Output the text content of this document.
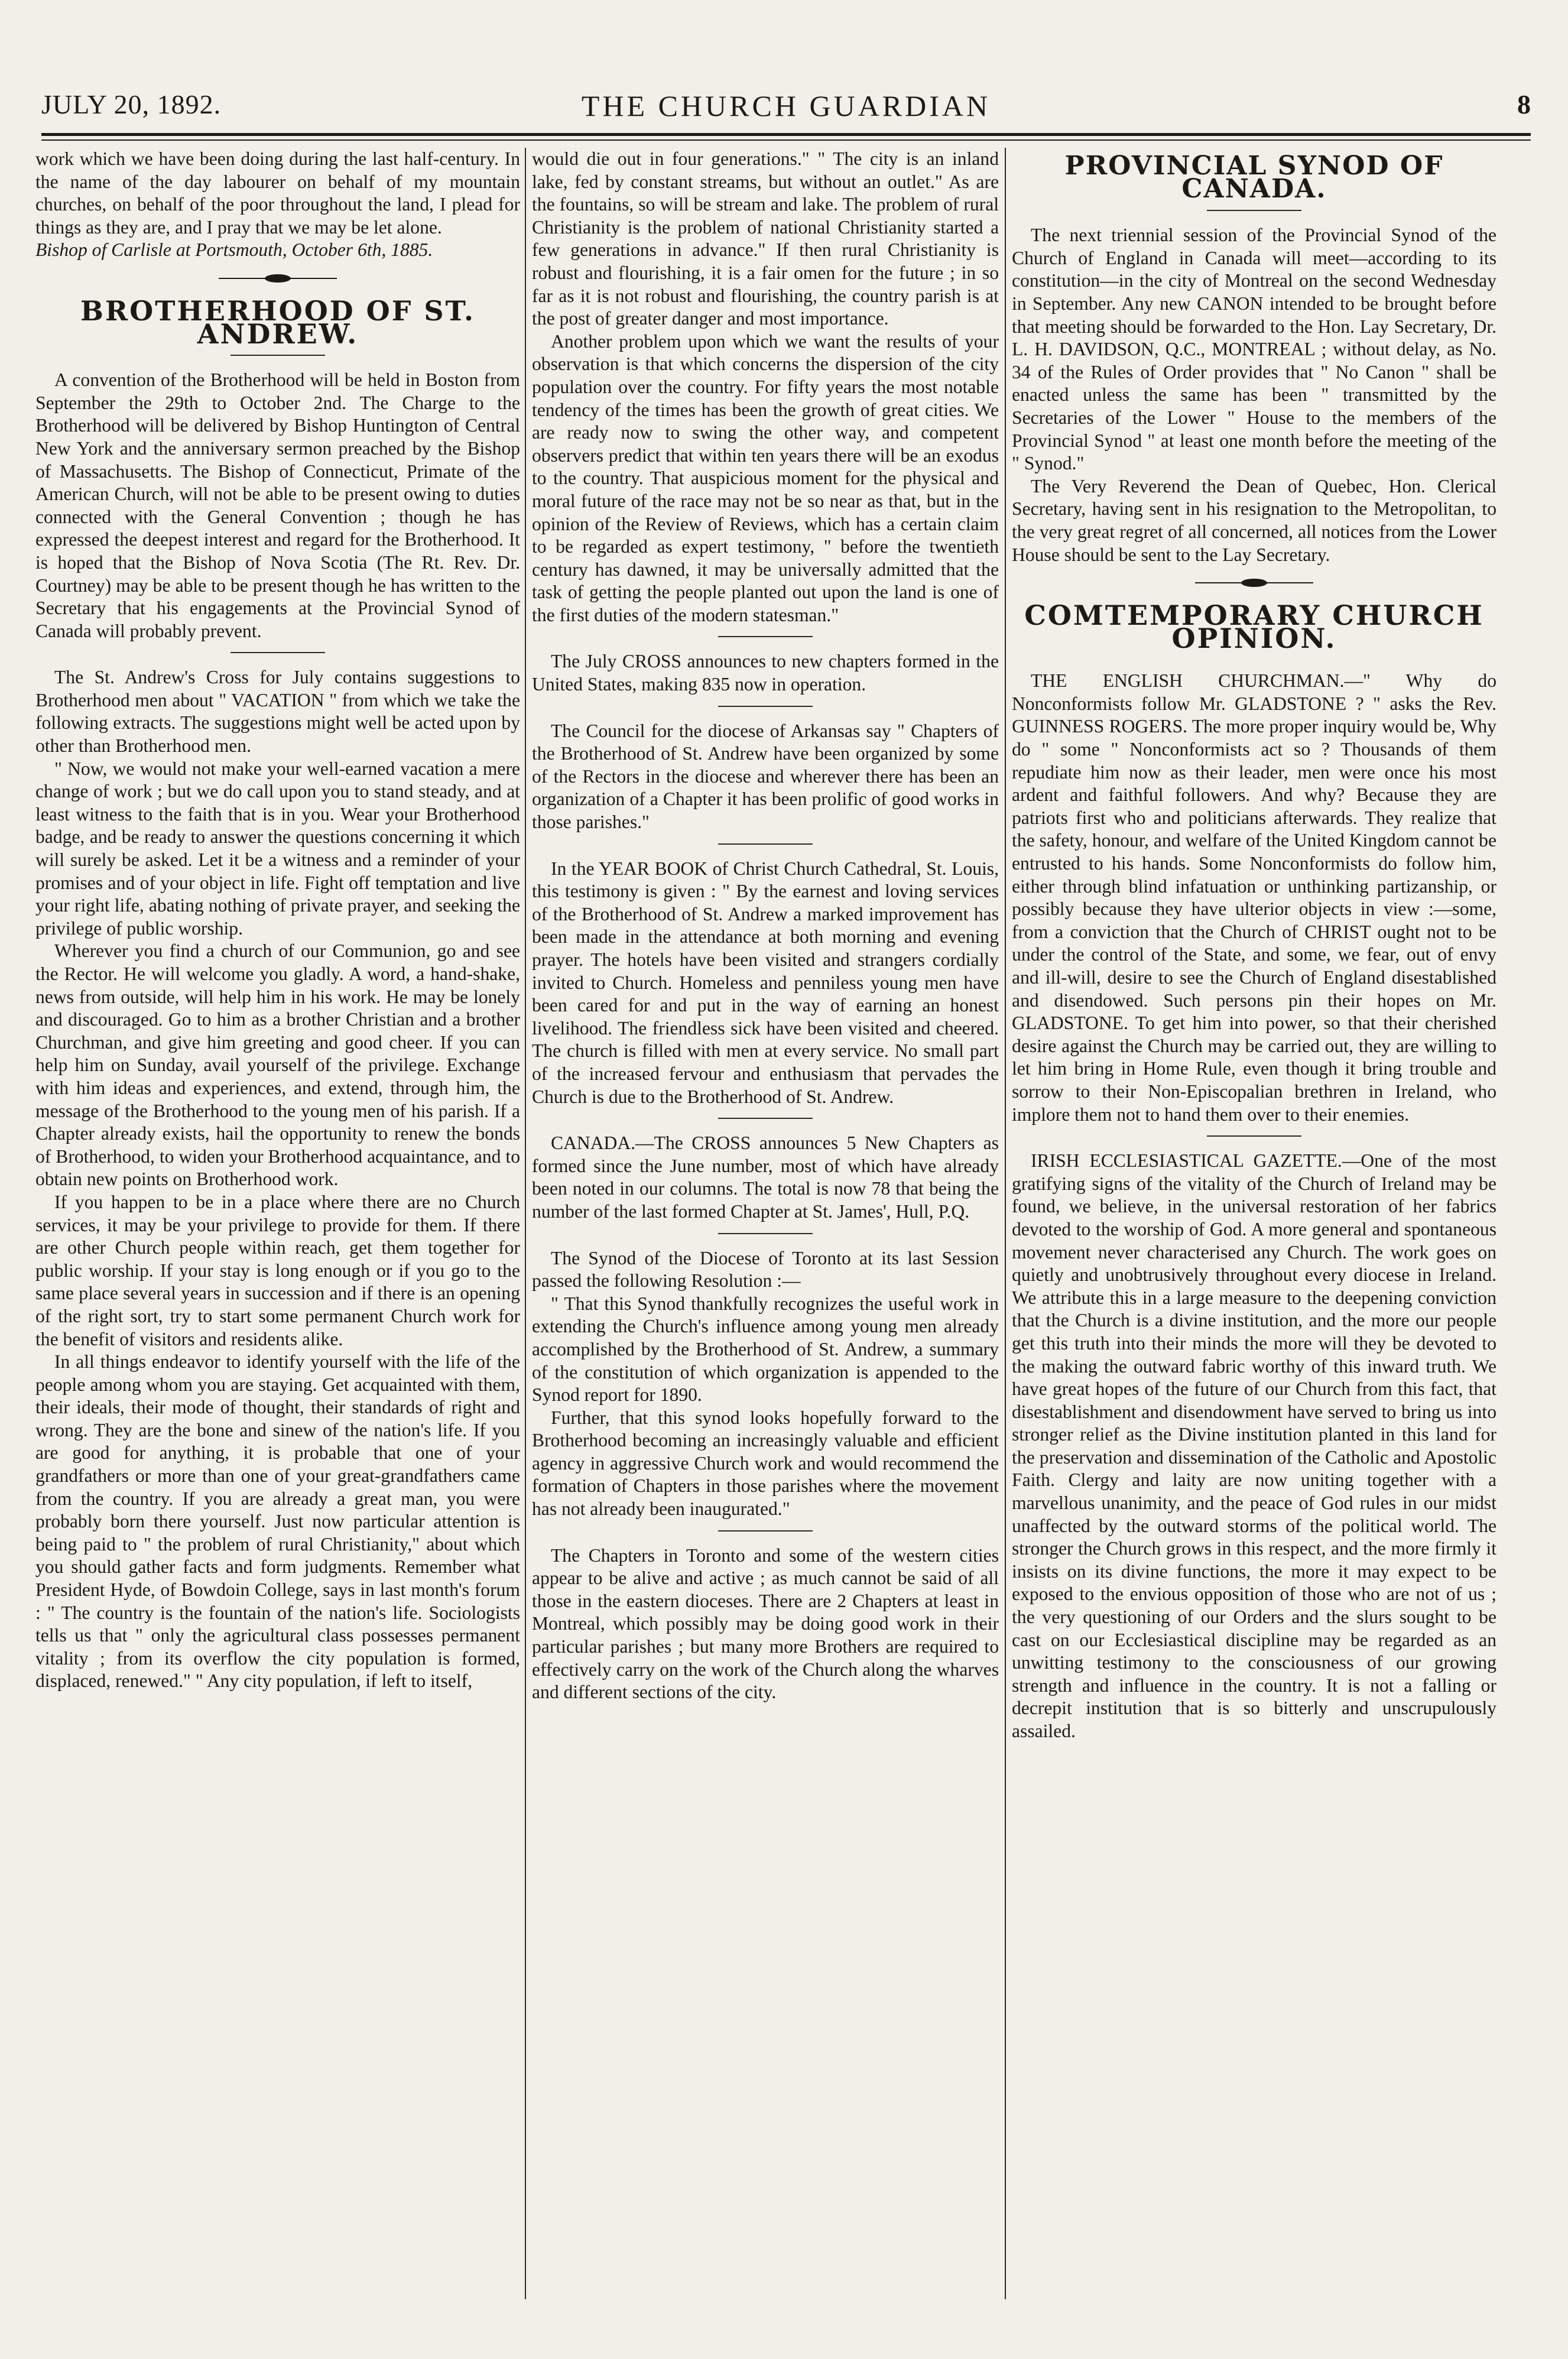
JULY 20, 1892.	THE CHURCH GUARDIAN	8

work which we have been doing during the last half-century. In the name of the day labourer on behalf of my mountain churches, on behalf of the poor throughout the land, I plead for things as they are, and I pray that we may be let alone.

Bishop of Carlisle at Portsmouth, October 6th, 1885.

BROTHERHOOD OF ST. ANDREW.

A convention of the Brotherhood will be held in Boston from September the 29th to October 2nd. The Charge to the Brotherhood will be delivered by Bishop Huntington of Central New York and the anniversary sermon preached by the Bishop of Massachusetts. The Bishop of Connecticut, Primate of the American Church, will not be able to be present owing to duties connected with the General Convention ; though he has expressed the deepest interest and regard for the Brotherhood. It is hoped that the Bishop of Nova Scotia (The Rt. Rev. Dr. Courtney) may be able to be present though he has written to the Secretary that his engagements at the Provincial Synod of Canada will probably prevent.

The St. Andrew's Cross for July contains suggestions to Brotherhood men about " VACATION " from which we take the following extracts. The suggestions might well be acted upon by other than Brotherhood men.

" Now, we would not make your well-earned vacation a mere change of work ; but we do call upon you to stand steady, and at least witness to the faith that is in you. Wear your Brotherhood badge, and be ready to answer the questions concerning it which will surely be asked. Let it be a witness and a reminder of your promises and of your object in life. Fight off temptation and live your right life, abating nothing of private prayer, and seeking the privilege of public worship.

Wherever you find a church of our Communion, go and see the Rector. He will welcome you gladly. A word, a hand-shake, news from outside, will help him in his work. He may be lonely and discouraged. Go to him as a brother Christian and a brother Churchman, and give him greeting and good cheer. If you can help him on Sunday, avail yourself of the privilege. Exchange with him ideas and experiences, and extend, through him, the message of the Brotherhood to the young men of his parish. If a Chapter already exists, hail the opportunity to renew the bonds of Brotherhood, to widen your Brotherhood acquaintance, and to obtain new points on Brotherhood work.

If you happen to be in a place where there are no Church services, it may be your privilege to provide for them. If there are other Church people within reach, get them together for public worship. If your stay is long enough or if you go to the same place several years in succession and if there is an opening of the right sort, try to start some permanent Church work for the benefit of visitors and residents alike.

In all things endeavor to identify yourself with the life of the people among whom you are staying. Get acquainted with them, their ideals, their mode of thought, their standards of right and wrong. They are the bone and sinew of the nation's life. If you are good for anything, it is probable that one of your grandfathers or more than one of your great-grandfathers came from the country. If you are already a great man, you were probably born there yourself. Just now particular attention is being paid to " the problem of rural Christianity," about which you should gather facts and form judgments. Remember what President Hyde, of Bowdoin College, says in last month's forum : " The country is the fountain of the nation's life. Sociologists tells us that " only the agricultural class possesses permanent vitality ; from its overflow the city population is formed, displaced, renewed." " Any city population, if left to itself,

would die out in four generations." " The city is an inland lake, fed by constant streams, but without an outlet." As are the fountains, so will be stream and lake. The problem of rural Christianity is the problem of national Christianity started a few generations in advance." If then rural Christianity is robust and flourishing, it is a fair omen for the future ; in so far as it is not robust and flourishing, the country parish is at the post of greater danger and most importance.

Another problem upon which we want the results of your observation is that which concerns the dispersion of the city population over the country. For fifty years the most notable tendency of the times has been the growth of great cities. We are ready now to swing the other way, and competent observers predict that within ten years there will be an exodus to the country. That auspicious moment for the physical and moral future of the race may not be so near as that, but in the opinion of the Review of Reviews, which has a certain claim to be regarded as expert testimony, " before the twentieth century has dawned, it may be universally admitted that the task of getting the people planted out upon the land is one of the first duties of the modern statesman."

The July CROSS announces to new chapters formed in the United States, making 835 now in operation.

The Council for the diocese of Arkansas say " Chapters of the Brotherhood of St. Andrew have been organized by some of the Rectors in the diocese and wherever there has been an organization of a Chapter it has been prolific of good works in those parishes."

In the YEAR BOOK of Christ Church Cathedral, St. Louis, this testimony is given : " By the earnest and loving services of the Brotherhood of St. Andrew a marked improvement has been made in the attendance at both morning and evening prayer. The hotels have been visited and strangers cordially invited to Church. Homeless and penniless young men have been cared for and put in the way of earning an honest livelihood. The friendless sick have been visited and cheered. The church is filled with men at every service. No small part of the increased fervour and enthusiasm that pervades the Church is due to the Brotherhood of St. Andrew.

CANADA.—The CROSS announces 5 New Chapters as formed since the June number, most of which have already been noted in our columns. The total is now 78 that being the number of the last formed Chapter at St. James', Hull, P.Q.

The Synod of the Diocese of Toronto at its last Session passed the following Resolution :—

" That this Synod thankfully recognizes the useful work in extending the Church's influence among young men already accomplished by the Brotherhood of St. Andrew, a summary of the constitution of which organization is appended to the Synod report for 1890.

Further, that this synod looks hopefully forward to the Brotherhood becoming an increasingly valuable and efficient agency in aggressive Church work and would recommend the formation of Chapters in those parishes where the movement has not already been inaugurated."

The Chapters in Toronto and some of the western cities appear to be alive and active ; as much cannot be said of all those in the eastern dioceses. There are 2 Chapters at least in Montreal, which possibly may be doing good work in their particular parishes ; but many more Brothers are required to effectively carry on the work of the Church along the wharves and different sections of the city.

PROVINCIAL SYNOD OF CANADA.

The next triennial session of the Provincial Synod of the Church of England in Canada will meet—according to its constitution—in the city of Montreal on the second Wednesday in September. Any new CANON intended to be brought before that meeting should be forwarded to the Hon. Lay Secretary, Dr. L. H. DAVIDSON, Q.C., MONTREAL ; without delay, as No. 34 of the Rules of Order provides that " No Canon " shall be enacted unless the same has been " transmitted by the Secretaries of the Lower " House to the members of the Provincial Synod " at least one month before the meeting of the " Synod."

The Very Reverend the Dean of Quebec, Hon. Clerical Secretary, having sent in his resignation to the Metropolitan, to the very great regret of all concerned, all notices from the Lower House should be sent to the Lay Secretary.

COMTEMPORARY CHURCH OPINION.

THE ENGLISH CHURCHMAN.—" Why do Nonconformists follow Mr. GLADSTONE ? " asks the Rev. GUINNESS ROGERS. The more proper inquiry would be, Why do " some " Nonconformists act so ? Thousands of them repudiate him now as their leader, men were once his most ardent and faithful followers. And why? Because they are patriots first who and politicians afterwards. They realize that the safety, honour, and welfare of the United Kingdom cannot be entrusted to his hands. Some Nonconformists do follow him, either through blind infatuation or unthinking partizanship, or possibly because they have ulterior objects in view :—some, from a conviction that the Church of CHRIST ought not to be under the control of the State, and some, we fear, out of envy and ill-will, desire to see the Church of England disestablished and disendowed. Such persons pin their hopes on Mr. GLADSTONE. To get him into power, so that their cherished desire against the Church may be carried out, they are willing to let him bring in Home Rule, even though it bring trouble and sorrow to their Non-Episcopalian brethren in Ireland, who implore them not to hand them over to their enemies.

IRISH ECCLESIASTICAL GAZETTE.—One of the most gratifying signs of the vitality of the Church of Ireland may be found, we believe, in the universal restoration of her fabrics devoted to the worship of God. A more general and spontaneous movement never characterised any Church. The work goes on quietly and unobtrusively throughout every diocese in Ireland. We attribute this in a large measure to the deepening conviction that the Church is a divine institution, and the more our people get this truth into their minds the more will they be devoted to the making the outward fabric worthy of this inward truth. We have great hopes of the future of our Church from this fact, that disestablishment and disendowment have served to bring us into stronger relief as the Divine institution planted in this land for the preservation and dissemination of the Catholic and Apostolic Faith. Clergy and laity are now uniting together with a marvellous unanimity, and the peace of God rules in our midst unaffected by the outward storms of the political world. The stronger the Church grows in this respect, and the more firmly it insists on its divine functions, the more it may expect to be exposed to the envious opposition of those who are not of us ; the very questioning of our Orders and the slurs sought to be cast on our Ecclesiastical discipline may be regarded as an unwitting testimony to the consciousness of our growing strength and influence in the country. It is not a falling or decrepit institution that is so bitterly and unscrupulously assailed.
